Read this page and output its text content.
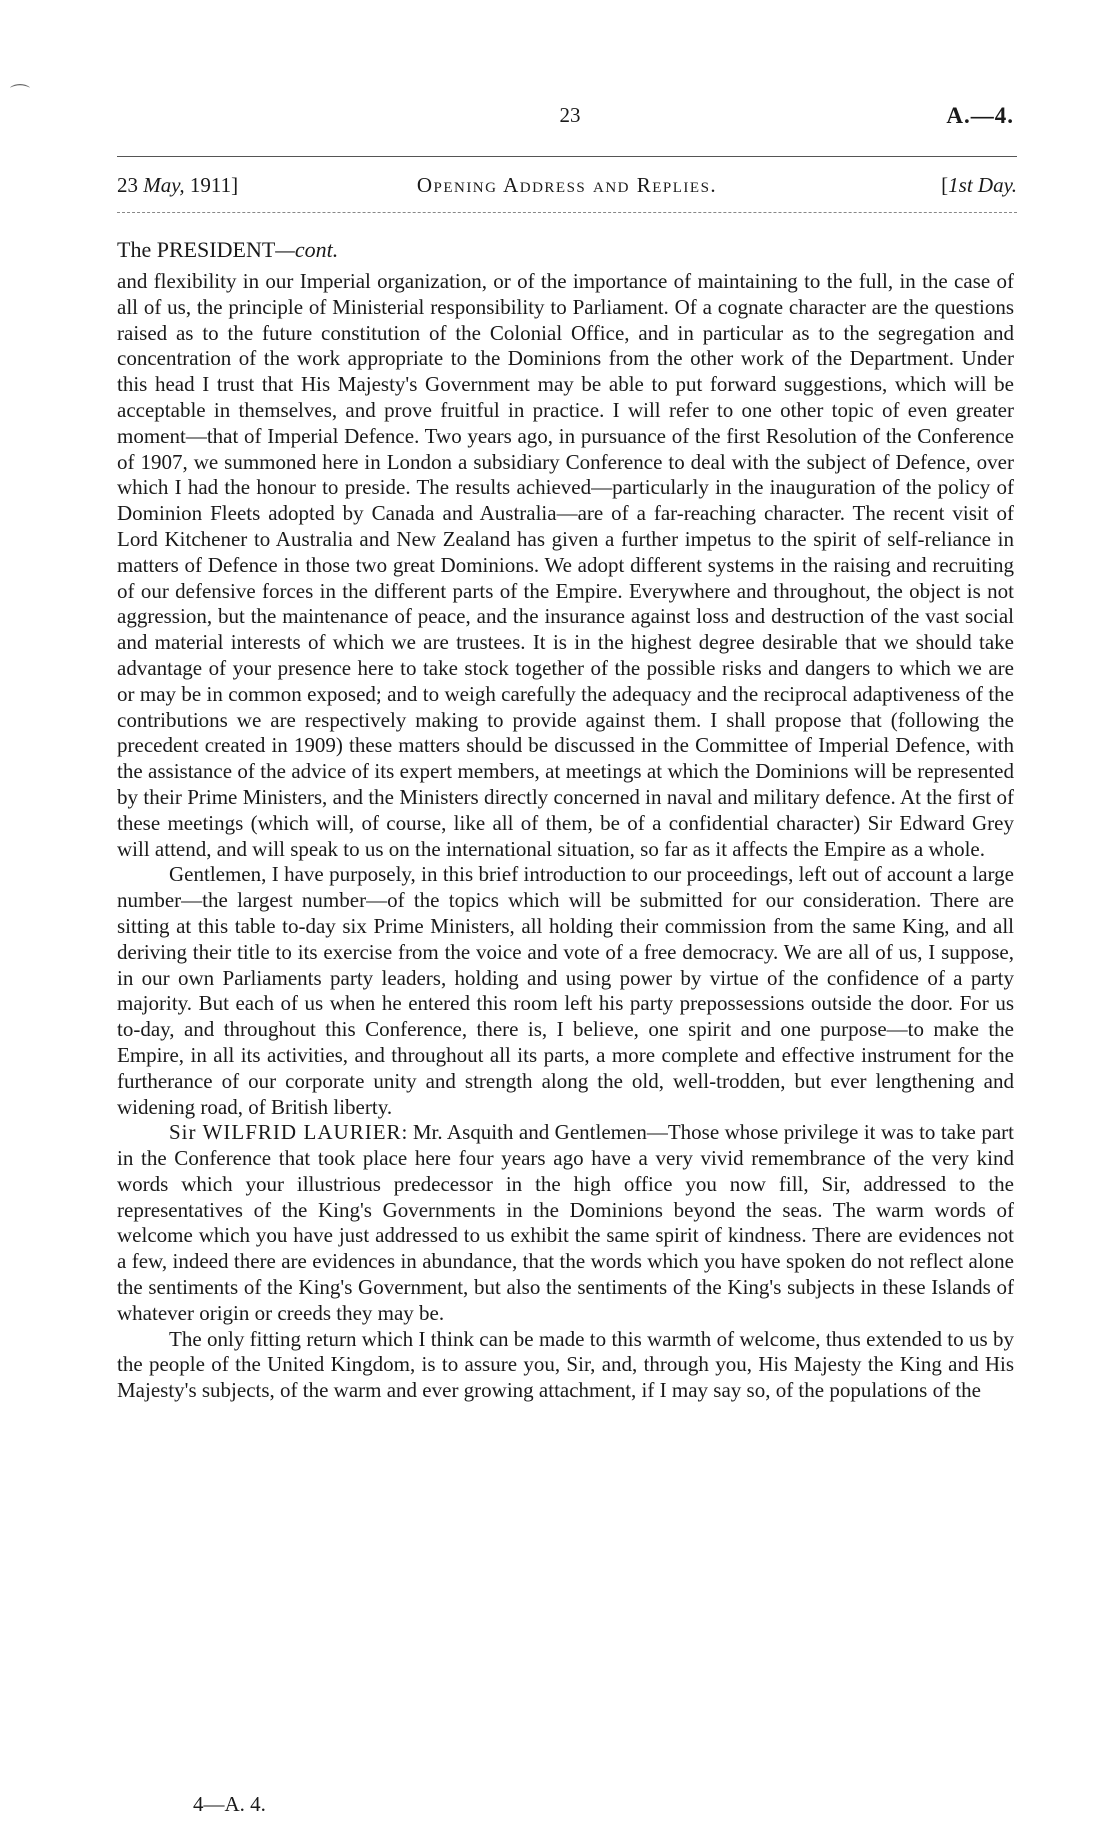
23	A.—4.
23 May, 1911]	Opening Address and Replies.	[1st Day.
The PRESIDENT—cont.

and flexibility in our Imperial organization, or of the importance of maintaining to the full, in the case of all of us, the principle of Ministerial responsibility to Parliament. Of a cognate character are the questions raised as to the future constitution of the Colonial Office, and in particular as to the segregation and concentration of the work appropriate to the Dominions from the other work of the Department. Under this head I trust that His Majesty's Government may be able to put forward suggestions, which will be acceptable in themselves, and prove fruitful in practice. I will refer to one other topic of even greater moment—that of Imperial Defence. Two years ago, in pursuance of the first Resolution of the Conference of 1907, we summoned here in London a subsidiary Conference to deal with the subject of Defence, over which I had the honour to preside. The results achieved—particularly in the inauguration of the policy of Dominion Fleets adopted by Canada and Australia—are of a far-reaching character. The recent visit of Lord Kitchener to Australia and New Zealand has given a further impetus to the spirit of self-reliance in matters of Defence in those two great Dominions. We adopt different systems in the raising and recruiting of our defensive forces in the different parts of the Empire. Everywhere and throughout, the object is not aggression, but the maintenance of peace, and the insurance against loss and destruction of the vast social and material interests of which we are trustees. It is in the highest degree desirable that we should take advantage of your presence here to take stock together of the possible risks and dangers to which we are or may be in common exposed; and to weigh carefully the adequacy and the reciprocal adaptiveness of the contributions we are respectively making to provide against them. I shall propose that (following the precedent created in 1909) these matters should be discussed in the Committee of Imperial Defence, with the assistance of the advice of its expert members, at meetings at which the Dominions will be represented by their Prime Ministers, and the Ministers directly concerned in naval and military defence. At the first of these meetings (which will, of course, like all of them, be of a confidential character) Sir Edward Grey will attend, and will speak to us on the international situation, so far as it affects the Empire as a whole.

Gentlemen, I have purposely, in this brief introduction to our proceedings, left out of account a large number—the largest number—of the topics which will be submitted for our consideration. There are sitting at this table to-day six Prime Ministers, all holding their commission from the same King, and all deriving their title to its exercise from the voice and vote of a free democracy. We are all of us, I suppose, in our own Parliaments party leaders, holding and using power by virtue of the confidence of a party majority. But each of us when he entered this room left his party prepossessions outside the door. For us to-day, and throughout this Conference, there is, I believe, one spirit and one purpose—to make the Empire, in all its activities, and throughout all its parts, a more complete and effective instrument for the furtherance of our corporate unity and strength along the old, well-trodden, but ever lengthening and widening road, of British liberty.

Sir WILFRID LAURIER: Mr. Asquith and Gentlemen—Those whose privilege it was to take part in the Conference that took place here four years ago have a very vivid remembrance of the very kind words which your illustrious predecessor in the high office you now fill, Sir, addressed to the representatives of the King's Governments in the Dominions beyond the seas. The warm words of welcome which you have just addressed to us exhibit the same spirit of kindness. There are evidences not a few, indeed there are evidences in abundance, that the words which you have spoken do not reflect alone the sentiments of the King's Government, but also the sentiments of the King's subjects in these Islands of whatever origin or creeds they may be.

The only fitting return which I think can be made to this warmth of welcome, thus extended to us by the people of the United Kingdom, is to assure you, Sir, and, through you, His Majesty the King and His Majesty's subjects, of the warm and ever growing attachment, if I may say so, of the populations of the

4—A. 4.
⌒
